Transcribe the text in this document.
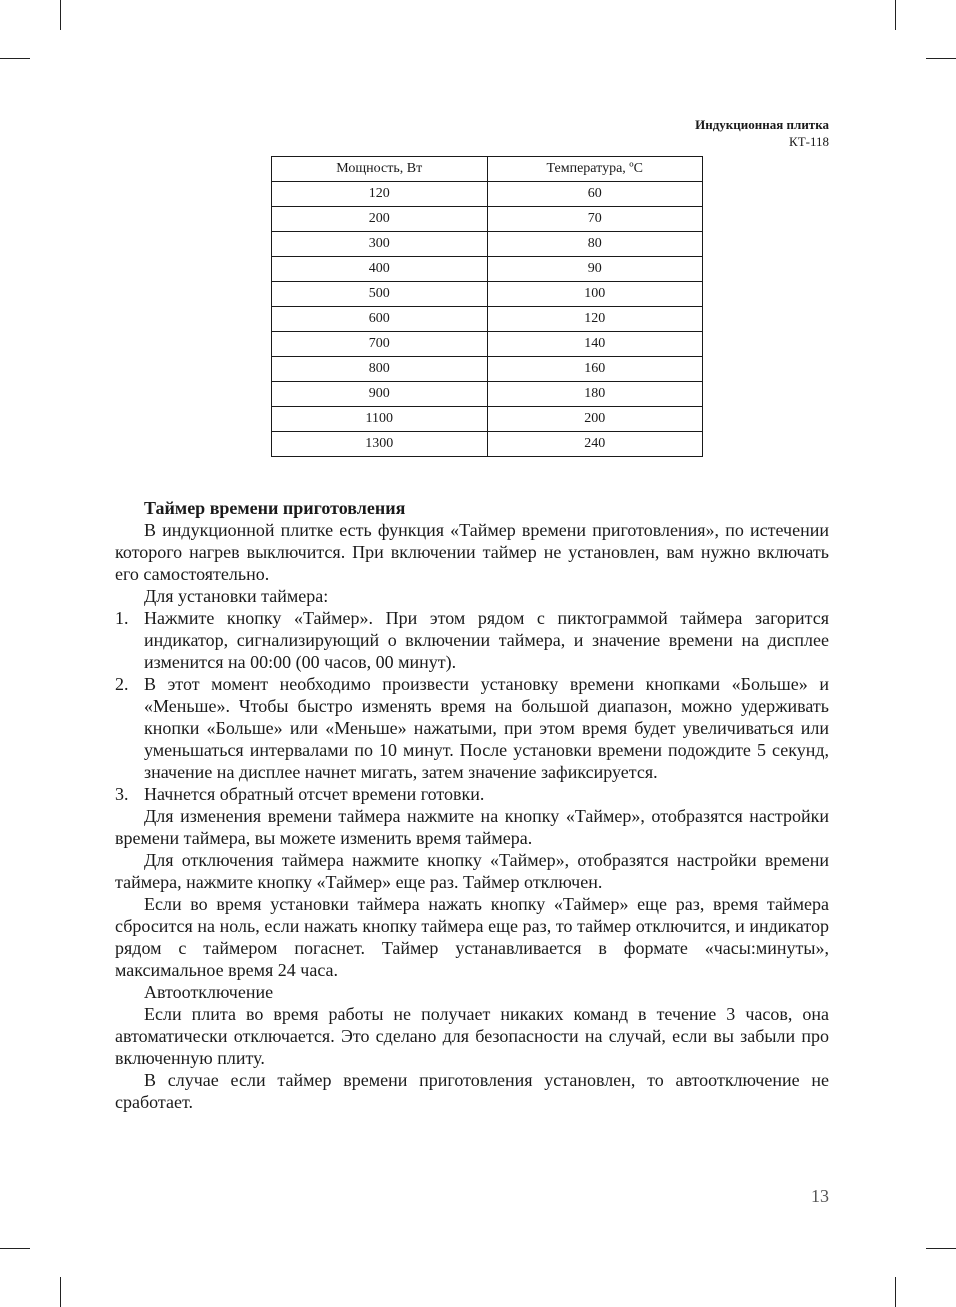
Индукционная плитка
КТ-118
Мощность, Вт	Температура, ºС
120	60
200	70
300	80
400	90
500	100
600	120
700	140
800	160
900	180
1100	200
1300	240
Таймер времени приготовления

В индукционной плитке есть функция «Таймер времени приготовления», по истечении которого нагрев выключится. При включении таймер не установлен, вам нужно включать его самостоятельно.

Для установки таймера:

1. Нажмите кнопку «Таймер». При этом рядом с пиктограммой таймера загорится индикатор, сигнализирующий о включении таймера, и значение времени на дисплее изменится на 00:00 (00 часов, 00 минут).
2. В этот момент необходимо произвести установку времени кнопками «Больше» и «Меньше». Чтобы быстро изменять время на большой диапазон, можно удерживать кнопки «Больше» или «Меньше» нажатыми, при этом время будет увеличиваться или уменьшаться интервалами по 10 минут. После установки времени подождите 5 секунд, значение на дисплее начнет мигать, затем значение зафиксируется.
3. Начнется обратный отсчет времени готовки.

Для изменения времени таймера нажмите на кнопку «Таймер», отобразятся настройки времени таймера, вы можете изменить время таймера.

Для отключения таймера нажмите кнопку «Таймер», отобразятся настройки времени таймера, нажмите кнопку «Таймер» еще раз. Таймер отключен.

Если во время установки таймера нажать кнопку «Таймер» еще раз, время таймера сбросится на ноль, если нажать кнопку таймера еще раз, то таймер отключится, и индикатор рядом с таймером погаснет. Таймер устанавливается в формате «часы:минуты», максимальное время 24 часа.

Автоотключение

Если плита во время работы не получает никаких команд в течение 3 часов, она автоматически отключается. Это сделано для безопасности на случай, если вы забыли про включенную плиту.

В случае если таймер времени приготовления установлен, то автоотключение не сработает.

13
